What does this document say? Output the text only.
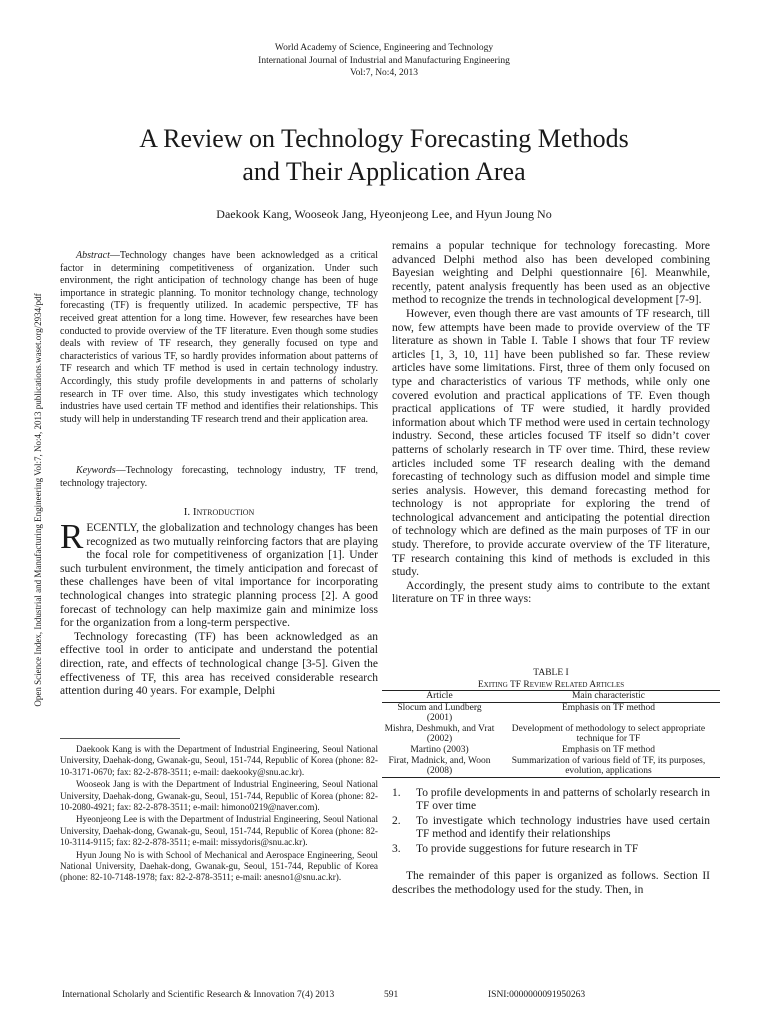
World Academy of Science, Engineering and Technology
International Journal of Industrial and Manufacturing Engineering
Vol:7, No:4, 2013
A Review on Technology Forecasting Methods
and Their Application Area
Daekook Kang, Wooseok Jang, Hyeonjeong Lee, and Hyun Joung No
Open Science Index, Industrial and Manufacturing Engineering Vol:7, No:4, 2013 publications.waset.org/2934/pdf
Abstract—Technology changes have been acknowledged as a critical factor in determining competitiveness of organization. Under such environment, the right anticipation of technology change has been of huge importance in strategic planning. To monitor technology change, technology forecasting (TF) is frequently utilized. In academic perspective, TF has received great attention for a long time. However, few researches have been conducted to provide overview of the TF literature. Even though some studies deals with review of TF research, they generally focused on type and characteristics of various TF, so hardly provides information about patterns of TF research and which TF method is used in certain technology industry. Accordingly, this study profile developments in and patterns of scholarly research in TF over time. Also, this study investigates which technology industries have used certain TF method and identifies their relationships. This study will help in understanding TF research trend and their application area.
Keywords—Technology forecasting, technology industry, TF trend, technology trajectory.
I. Introduction

RECENTLY, the globalization and technology changes has been recognized as two mutually reinforcing factors that are playing the focal role for competitiveness of organization [1]. Under such turbulent environment, the timely anticipation and forecast of these challenges have been of vital importance for incorporating technological changes into strategic planning process [2]. A good forecast of technology can help maximize gain and minimize loss for the organization from a long-term perspective.

Technology forecasting (TF) has been acknowledged as an effective tool in order to anticipate and understand the potential direction, rate, and effects of technological change [3-5]. Given the effectiveness of TF, this area has received considerable research attention during 40 years. For example, Delphi

Daekook Kang is with the Department of Industrial Engineering, Seoul National University, Daehak-dong, Gwanak-gu, Seoul, 151-744, Republic of Korea (phone: 82-10-3171-0670; fax: 82-2-878-3511; e-mail: daekooky@snu.ac.kr).

Wooseok Jang is with the Department of Industrial Engineering, Seoul National University, Daehak-dong, Gwanak-gu, Seoul, 151-744, Republic of Korea (phone: 82-10-2080-4921; fax: 82-2-878-3511; e-mail: himono0219@naver.com).

Hyeonjeong Lee is with the Department of Industrial Engineering, Seoul National University, Daehak-dong, Gwanak-gu, Seoul, 151-744, Republic of Korea (phone: 82-10-3114-9115; fax: 82-2-878-3511; e-mail: missydoris@snu.ac.kr).

Hyun Joung No is with School of Mechanical and Aerospace Engineering, Seoul National University, Daehak-dong, Gwanak-gu, Seoul, 151-744, Republic of Korea (phone: 82-10-7148-1978; fax: 82-2-878-3511; e-mail: anesno1@snu.ac.kr).

remains a popular technique for technology forecasting. More advanced Delphi method also has been developed combining Bayesian weighting and Delphi questionnaire [6]. Meanwhile, recently, patent analysis frequently has been used as an objective method to recognize the trends in technological development [7-9].

However, even though there are vast amounts of TF research, till now, few attempts have been made to provide overview of the TF literature as shown in Table I. Table I shows that four TF review articles [1, 3, 10, 11] have been published so far. These review articles have some limitations. First, three of them only focused on type and characteristics of various TF methods, while only one covered evolution and practical applications of TF. Even though practical applications of TF were studied, it hardly provided information about which TF method were used in certain technology industry. Second, these articles focused TF itself so didn’t cover patterns of scholarly research in TF over time. Third, these review articles included some TF research dealing with the demand forecasting of technology such as diffusion model and simple time series analysis. However, this demand forecasting method for technology is not appropriate for exploring the trend of technological advancement and anticipating the potential direction of technology which are defined as the main purposes of TF in our study. Therefore, to provide accurate overview of the TF literature, TF research containing this kind of methods is excluded in this study.

Accordingly, the present study aims to contribute to the extant literature on TF in three ways:

TABLE I
Exiting TF Review Related Articles
Article	Main characteristic
Slocum and Lundberg (2001)	Emphasis on TF method
Mishra, Deshmukh, and Vrat (2002)	Development of methodology to select appropriate technique for TF
Martino (2003)	Emphasis on TF method
Firat, Madnick, and, Woon (2008)	Summarization of various field of TF, its purposes, evolution, applications
1.	To profile developments in and patterns of scholarly research in TF over time
2.	To investigate which technology industries have used certain TF method and identify their relationships
3.	To provide suggestions for future research in TF

The remainder of this paper is organized as follows. Section II describes the methodology used for the study. Then, in

International Scholarly and Scientific Research & Innovation 7(4) 2013	591	ISNI:0000000091950263
